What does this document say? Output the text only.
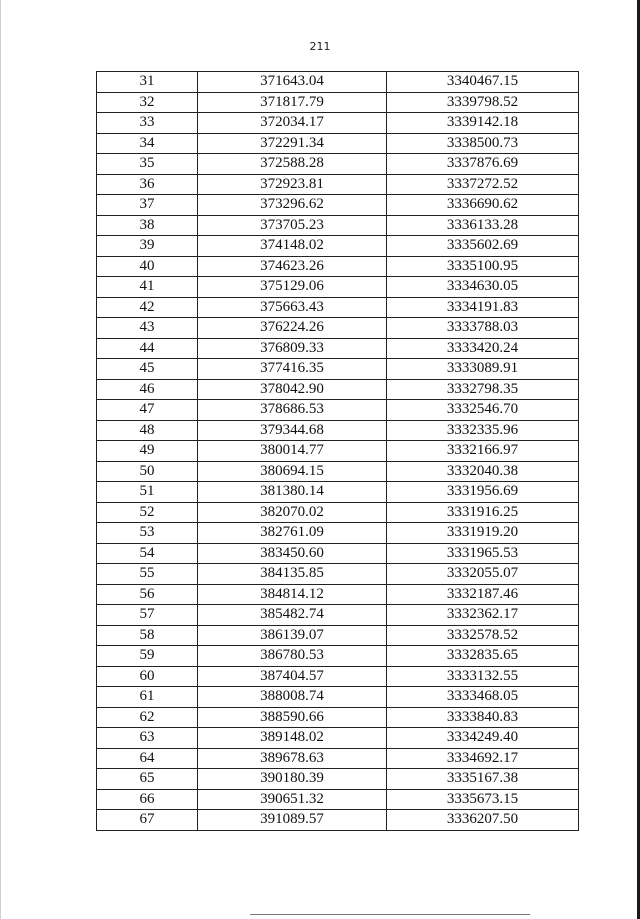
211
31	371643.04	3340467.15
32	371817.79	3339798.52
33	372034.17	3339142.18
34	372291.34	3338500.73
35	372588.28	3337876.69
36	372923.81	3337272.52
37	373296.62	3336690.62
38	373705.23	3336133.28
39	374148.02	3335602.69
40	374623.26	3335100.95
41	375129.06	3334630.05
42	375663.43	3334191.83
43	376224.26	3333788.03
44	376809.33	3333420.24
45	377416.35	3333089.91
46	378042.90	3332798.35
47	378686.53	3332546.70
48	379344.68	3332335.96
49	380014.77	3332166.97
50	380694.15	3332040.38
51	381380.14	3331956.69
52	382070.02	3331916.25
53	382761.09	3331919.20
54	383450.60	3331965.53
55	384135.85	3332055.07
56	384814.12	3332187.46
57	385482.74	3332362.17
58	386139.07	3332578.52
59	386780.53	3332835.65
60	387404.57	3333132.55
61	388008.74	3333468.05
62	388590.66	3333840.83
63	389148.02	3334249.40
64	389678.63	3334692.17
65	390180.39	3335167.38
66	390651.32	3335673.15
67	391089.57	3336207.50
